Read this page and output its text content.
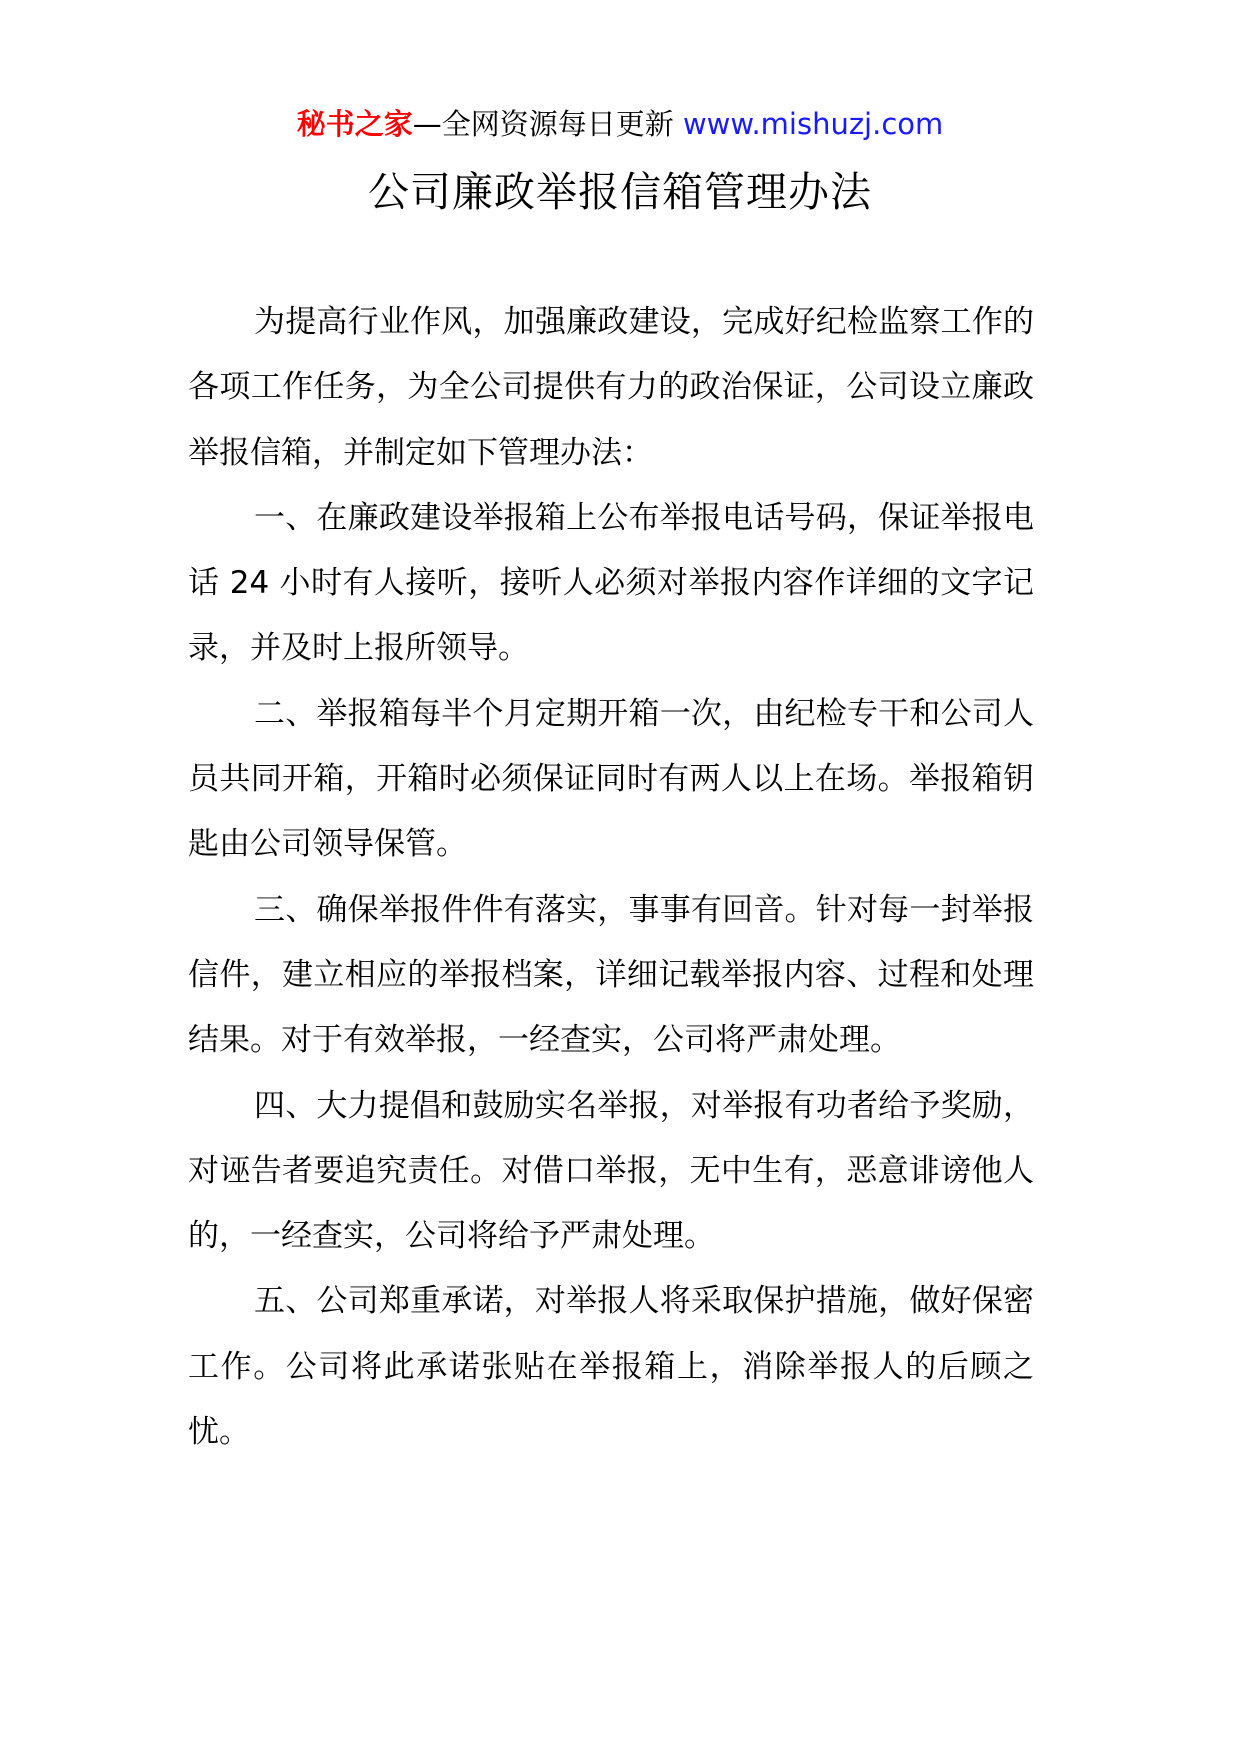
秘书之家—全网资源每日更新 www.mishuzj.com
公司廉政举报信箱管理办法

为提高行业作风，加强廉政建设，完成好纪检监察工作的各项工作任务，为全公司提供有力的政治保证，公司设立廉政举报信箱，并制定如下管理办法：

一、在廉政建设举报箱上公布举报电话号码，保证举报电话 24 小时有人接听，接听人必须对举报内容作详细的文字记录，并及时上报所领导。

二、举报箱每半个月定期开箱一次，由纪检专干和公司人员共同开箱，开箱时必须保证同时有两人以上在场。举报箱钥匙由公司领导保管。

三、确保举报件件有落实，事事有回音。针对每一封举报信件，建立相应的举报档案，详细记载举报内容、过程和处理结果。对于有效举报，一经查实，公司将严肃处理。

四、大力提倡和鼓励实名举报，对举报有功者给予奖励，对诬告者要追究责任。对借口举报，无中生有，恶意诽谤他人的，一经查实，公司将给予严肃处理。

五、公司郑重承诺，对举报人将采取保护措施，做好保密工作。公司将此承诺张贴在举报箱上，消除举报人的后顾之忧。
